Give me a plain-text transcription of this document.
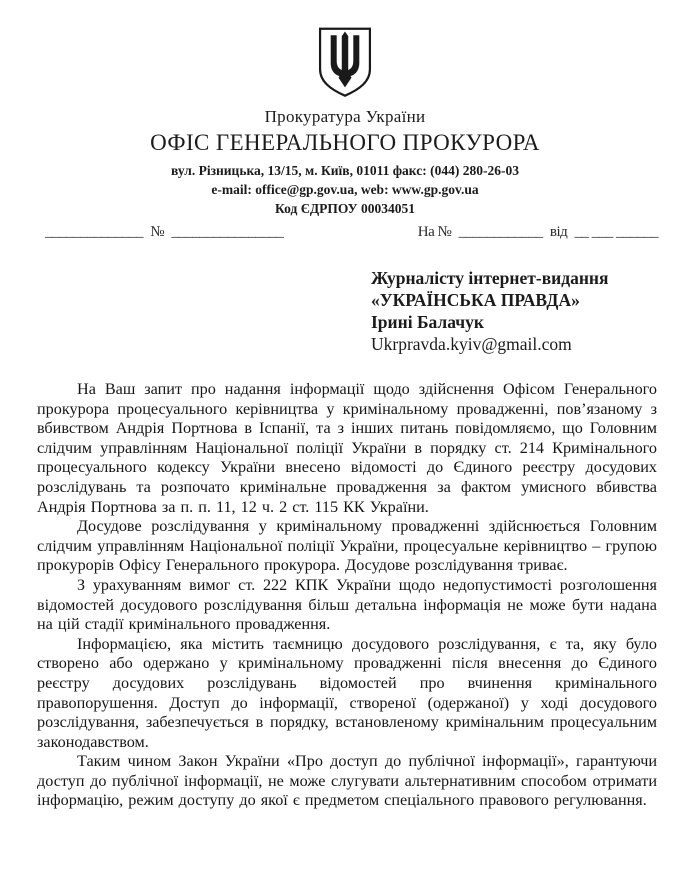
Прокуратура України
ОФІС ГЕНЕРАЛЬНОГО ПРОКУРОРА
вул. Різницька, 13/15, м. Київ, 01011 факс: (044) 280-26-03
e-mail: office@gp.gov.ua, web: www.gp.gov.ua
Код ЄДРПОУ 00034051
______________ № ________________	На № ____________ від __ ___ ______
Журналісту інтернет-видання
«УКРАЇНСЬКА ПРАВДА»
Ірині Балачук
Ukrpravda.kyiv@gmail.com

На Ваш запит про надання інформації щодо здійснення Офісом Генерального прокурора процесуального керівництва у кримінальному провадженні, пов’язаному з вбивством Андрія Портнова в Іспанії, та з інших питань повідомляємо, що Головним слідчим управлінням Національної поліції України в порядку ст. 214 Кримінального процесуального кодексу України внесено відомості до Єдиного реєстру досудових розслідувань та розпочато кримінальне провадження за фактом умисного вбивства Андрія Портнова за п. п. 11, 12 ч. 2 ст. 115 КК України.

Досудове розслідування у кримінальному провадженні здійснюється Головним слідчим управлінням Національної поліції України, процесуальне керівництво – групою прокурорів Офісу Генерального прокурора. Досудове розслідування триває.

З урахуванням вимог ст. 222 КПК України щодо недопустимості розголошення відомостей досудового розслідування більш детальна інформація не може бути надана на цій стадії кримінального провадження.

Інформацією, яка містить таємницю досудового розслідування, є та, яку було створено або одержано у кримінальному провадженні після внесення до Єдиного реєстру досудових розслідувань відомостей про вчинення кримінального правопорушення. Доступ до інформації, створеної (одержаної) у ході досудового розслідування, забезпечується в порядку, встановленому кримінальним процесуальним законодавством.

Таким чином Закон України «Про доступ до публічної інформації», гарантуючи доступ до публічної інформації, не може слугувати альтернативним способом отримати інформацію, режим доступу до якої є предметом спеціального правового регулювання.
